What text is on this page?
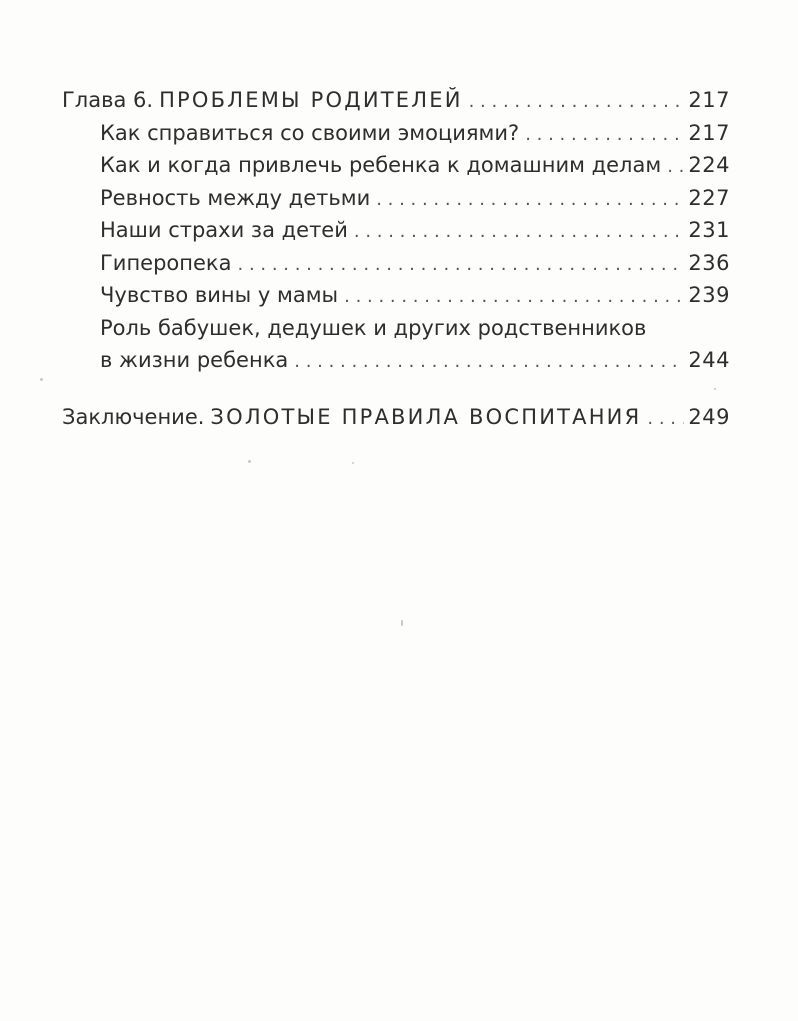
Глава 6. ПРОБЛЕМЫ РОДИТЕЛЕЙ . . .	217
Как справиться со своими эмоциями? . . .	217
Как и когда привлечь ребенка к домашним делам . . . 224
Ревность между детьми . . .	227
Наши страхи за детей . . .	231
Гиперопека . . .	236
Чувство вины у мамы . . .	239
Роль бабушек, дедушек и других родственников
в жизни ребенка . . .	244
Заключение. ЗОЛОТЫЕ ПРАВИЛА ВОСПИТАНИЯ . . . 249
